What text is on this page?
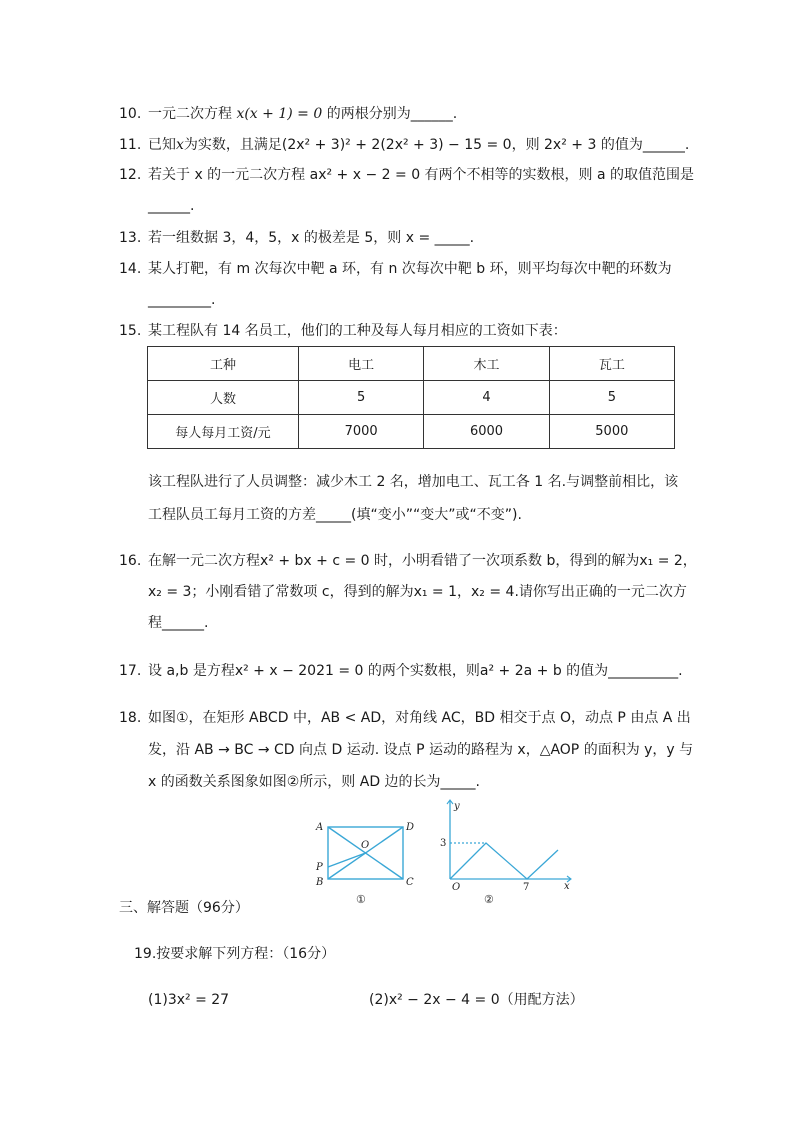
10. 一元二次方程 x(x + 1) = 0 的两根分别为______.
11. 已知x为实数，且满足(2x² + 3)² + 2(2x² + 3) − 15 = 0，则 2x² + 3 的值为______.
12. 若关于 x 的一元二次方程 ax² + x − 2 = 0 有两个不相等的实数根，则 a 的取值范围是
______.
13. 若一组数据 3，4，5，x 的极差是 5，则 x = _____.
14. 某人打靶，有 m 次每次中靶 a 环，有 n 次每次中靶 b 环，则平均每次中靶的环数为
_________.
15. 某工程队有 14 名员工，他们的工种及每人每月相应的工资如下表：
工种	电工	木工	瓦工
人数	5	4	5
每人每月工资/元	7000	6000	5000
该工程队进行了人员调整：减少木工 2 名，增加电工、瓦工各 1 名.与调整前相比，该
工程队员工每月工资的方差_____(填“变小”“变大”或“不变”).
16. 在解一元二次方程x² + bx + c = 0 时，小明看错了一次项系数 b，得到的解为x₁ = 2，
x₂ = 3；小刚看错了常数项 c，得到的解为x₁ = 1，x₂ = 4.请你写出正确的一元二次方
程______.
17. 设 a,b 是方程x² + x − 2021 = 0 的两个实数根，则a² + 2a + b 的值为__________.
18. 如图①，在矩形 ABCD 中，AB < AD，对角线 AC，BD 相交于点 O，动点 P 由点 A 出
发，沿 AB → BC → CD 向点 D 运动. 设点 P 运动的路程为 x，△AOP 的面积为 y，y 与
x 的函数关系图象如图②所示，则 AD 边的长为_____.
A	D
P
B	C
O
①
y
x
O
3
7
②
三、解答题（96分）
19.按要求解下列方程：（16分）
(1)3x² = 27	(2)x² − 2x − 4 = 0（用配方法）
